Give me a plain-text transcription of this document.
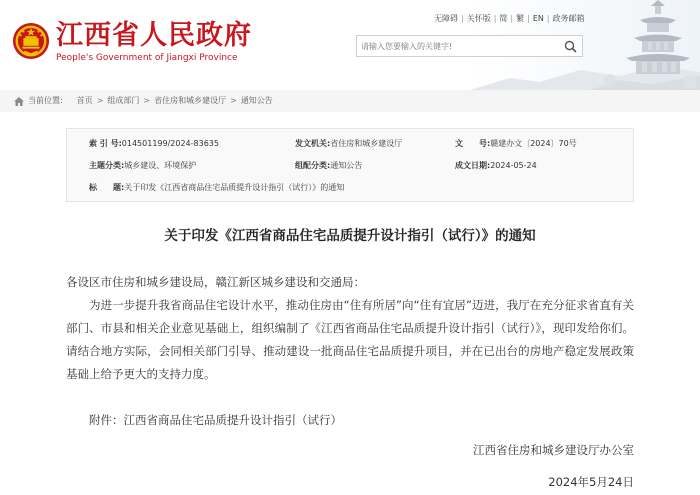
江西省人民政府
People's Government of Jiangxi Province
无障碍 | 关怀版 | 简 | 繁 | EN | 政务邮箱
请输入您要输入的关键字!
当前位置: 首页 > 组成部门 > 省住房和城乡建设厅 > 通知公告
索 引 号:014501199/2024-83635	发文机关:省住房和城乡建设厅	文　　号:赣建办文〔2024〕70号
主题分类:城乡建设、环境保护	组配分类:通知公告	成文日期:2024-05-24
标　　题:关于印发《江西省商品住宅品质提升设计指引（试行）》的通知
关于印发《江西省商品住宅品质提升设计指引（试行）》的通知
各设区市住房和城乡建设局，赣江新区城乡建设和交通局：

为进一步提升我省商品住宅设计水平，推动住房由“住有所居”向“住有宜居”迈进，我厅在充分征求省直有关部门、市县和相关企业意见基础上，组织编制了《江西省商品住宅品质提升设计指引（试行）》，现印发给你们。请结合地方实际，会同相关部门引导、推动建设一批商品住宅品质提升项目，并在已出台的房地产稳定发展政策基础上给予更大的支持力度。

附件：江西省商品住宅品质提升设计指引（试行）
江西省住房和城乡建设厅办公室
2024年5月24日
